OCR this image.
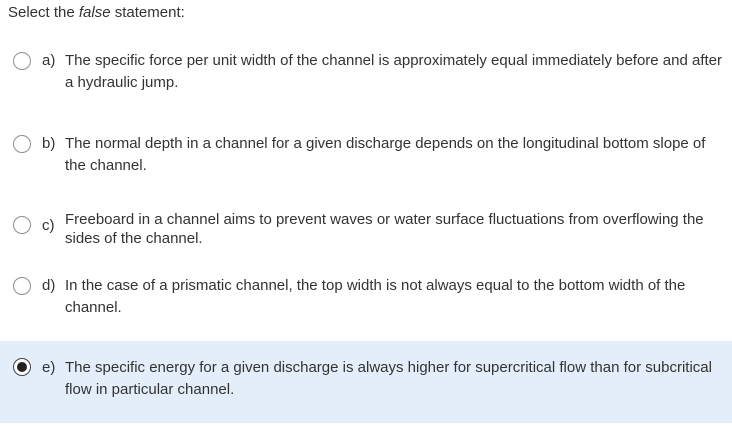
Select the false statement:
a) The specific force per unit width of the channel is approximately equal immediately before and after a hydraulic jump.
b) The normal depth in a channel for a given discharge depends on the longitudinal bottom slope of the channel.
c) Freeboard in a channel aims to prevent waves or water surface fluctuations from overflowing the sides of the channel.
d) In the case of a prismatic channel, the top width is not always equal to the bottom width of the channel.
e) The specific energy for a given discharge is always higher for supercritical flow than for subcritical flow in particular channel.
